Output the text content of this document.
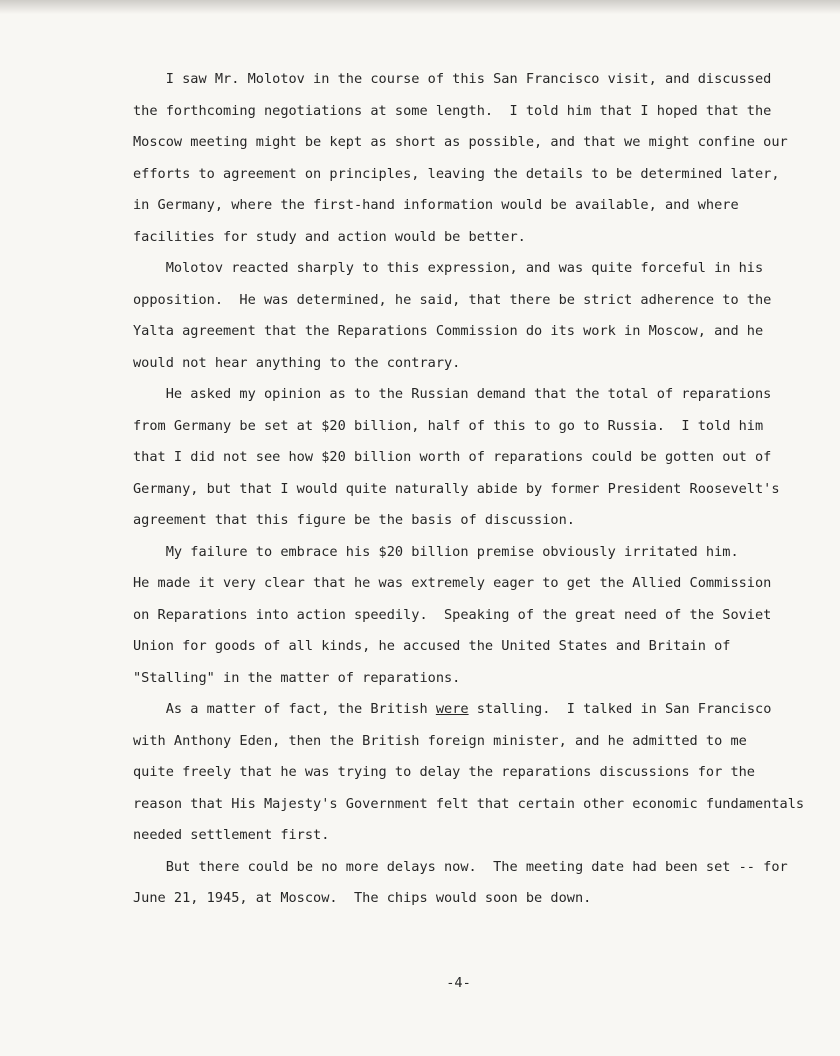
I saw Mr. Molotov in the course of this San Francisco visit, and discussed
the forthcoming negotiations at some length.  I told him that I hoped that the
Moscow meeting might be kept as short as possible, and that we might confine our
efforts to agreement on principles, leaving the details to be determined later,
in Germany, where the first-hand information would be available, and where
facilities for study and action would be better.
Molotov reacted sharply to this expression, and was quite forceful in his
opposition.  He was determined, he said, that there be strict adherence to the
Yalta agreement that the Reparations Commission do its work in Moscow, and he
would not hear anything to the contrary.
He asked my opinion as to the Russian demand that the total of reparations
from Germany be set at $20 billion, half of this to go to Russia.  I told him
that I did not see how $20 billion worth of reparations could be gotten out of
Germany, but that I would quite naturally abide by former President Roosevelt's
agreement that this figure be the basis of discussion.
My failure to embrace his $20 billion premise obviously irritated him.
He made it very clear that he was extremely eager to get the Allied Commission
on Reparations into action speedily.  Speaking of the great need of the Soviet
Union for goods of all kinds, he accused the United States and Britain of
"Stalling" in the matter of reparations.
As a matter of fact, the British were stalling.  I talked in San Francisco
with Anthony Eden, then the British foreign minister, and he admitted to me
quite freely that he was trying to delay the reparations discussions for the
reason that His Majesty's Government felt that certain other economic fundamentals
needed settlement first.
But there could be no more delays now.  The meeting date had been set -- for
June 21, 1945, at Moscow.  The chips would soon be down.
-4-
